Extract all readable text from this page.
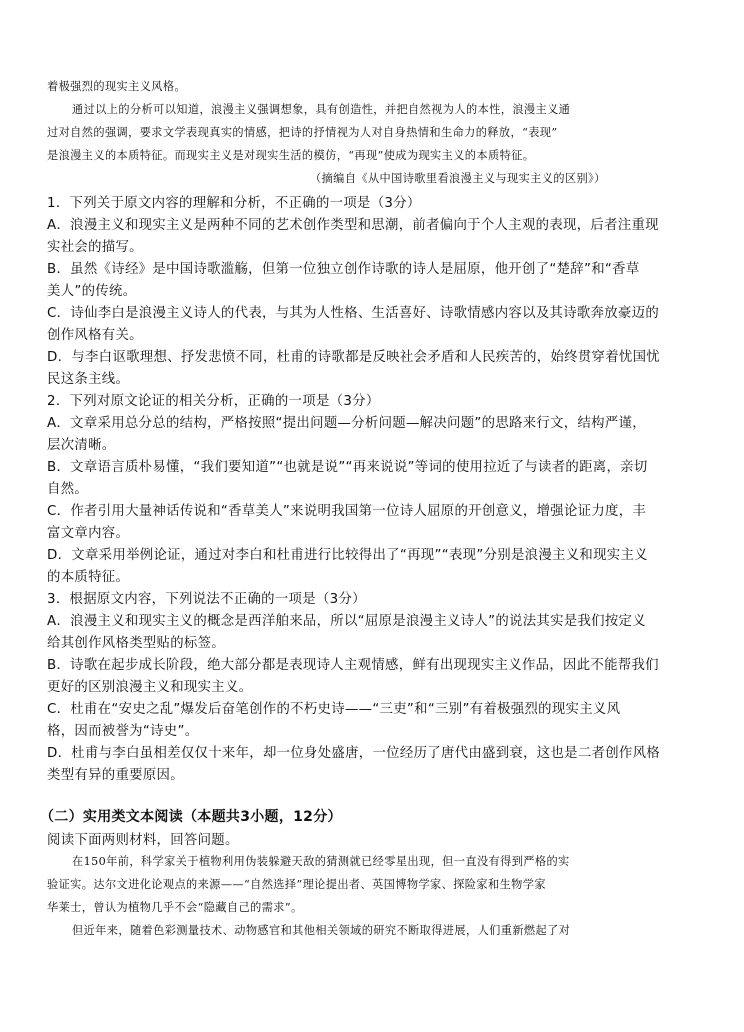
着极强烈的现实主义风格。
通过以上的分析可以知道，浪漫主义强调想象，具有创造性，并把自然视为人的本性，浪漫主义通
过对自然的强调，要求文学表现真实的情感，把诗的抒情视为人对自身热情和生命力的释放，“表现”
是浪漫主义的本质特征。而现实主义是对现实生活的模仿，“再现”使成为现实主义的本质特征。
（摘编自《从中国诗歌里看浪漫主义与现实主义的区别》）
1．下列关于原文内容的理解和分析，不正确的一项是（3分）
A．浪漫主义和现实主义是两种不同的艺术创作类型和思潮，前者偏向于个人主观的表现，后者注重现
实社会的描写。
B．虽然《诗经》是中国诗歌滥觞，但第一位独立创作诗歌的诗人是屈原，他开创了“楚辞”和“香草
美人”的传统。
C．诗仙李白是浪漫主义诗人的代表，与其为人性格、生活喜好、诗歌情感内容以及其诗歌奔放豪迈的
创作风格有关。
D．与李白讴歌理想、抒发悲愤不同，杜甫的诗歌都是反映社会矛盾和人民疾苦的，始终贯穿着忧国忧
民这条主线。
2．下列对原文论证的相关分析，正确的一项是（3分）
A．文章采用总分总的结构，严格按照“提出问题—分析问题—解决问题”的思路来行文，结构严谨，
层次清晰。
B．文章语言质朴易懂，“我们要知道”“也就是说”“再来说说”等词的使用拉近了与读者的距离，亲切
自然。
C．作者引用大量神话传说和“香草美人”来说明我国第一位诗人屈原的开创意义，增强论证力度，丰
富文章内容。
D．文章采用举例论证，通过对李白和杜甫进行比较得出了“再现”“表现”分别是浪漫主义和现实主义
的本质特征。
3．根据原文内容，下列说法不正确的一项是（3分）
A．浪漫主义和现实主义的概念是西洋舶来品，所以“屈原是浪漫主义诗人”的说法其实是我们按定义
给其创作风格类型贴的标签。
B．诗歌在起步成长阶段，绝大部分都是表现诗人主观情感，鲜有出现现实主义作品，因此不能帮我们
更好的区别浪漫主义和现实主义。
C．杜甫在“安史之乱”爆发后奋笔创作的不朽史诗——“三吏”和“三别”有着极强烈的现实主义风
格，因而被誉为“诗史”。
D．杜甫与李白虽相差仅仅十来年，却一位身处盛唐，一位经历了唐代由盛到衰，这也是二者创作风格
类型有异的重要原因。
（二）实用类文本阅读（本题共3小题，12分）
阅读下面两则材料，回答问题。
在150年前，科学家关于植物利用伪装躲避天敌的猜测就已经零星出现，但一直没有得到严格的实
验证实。达尔文进化论观点的来源——“自然选择”理论提出者、英国博物学家、探险家和生物学家
华莱士，曾认为植物几乎不会“隐藏自己的需求”。
但近年来，随着色彩测量技术、动物感官和其他相关领域的研究不断取得进展，人们重新燃起了对
